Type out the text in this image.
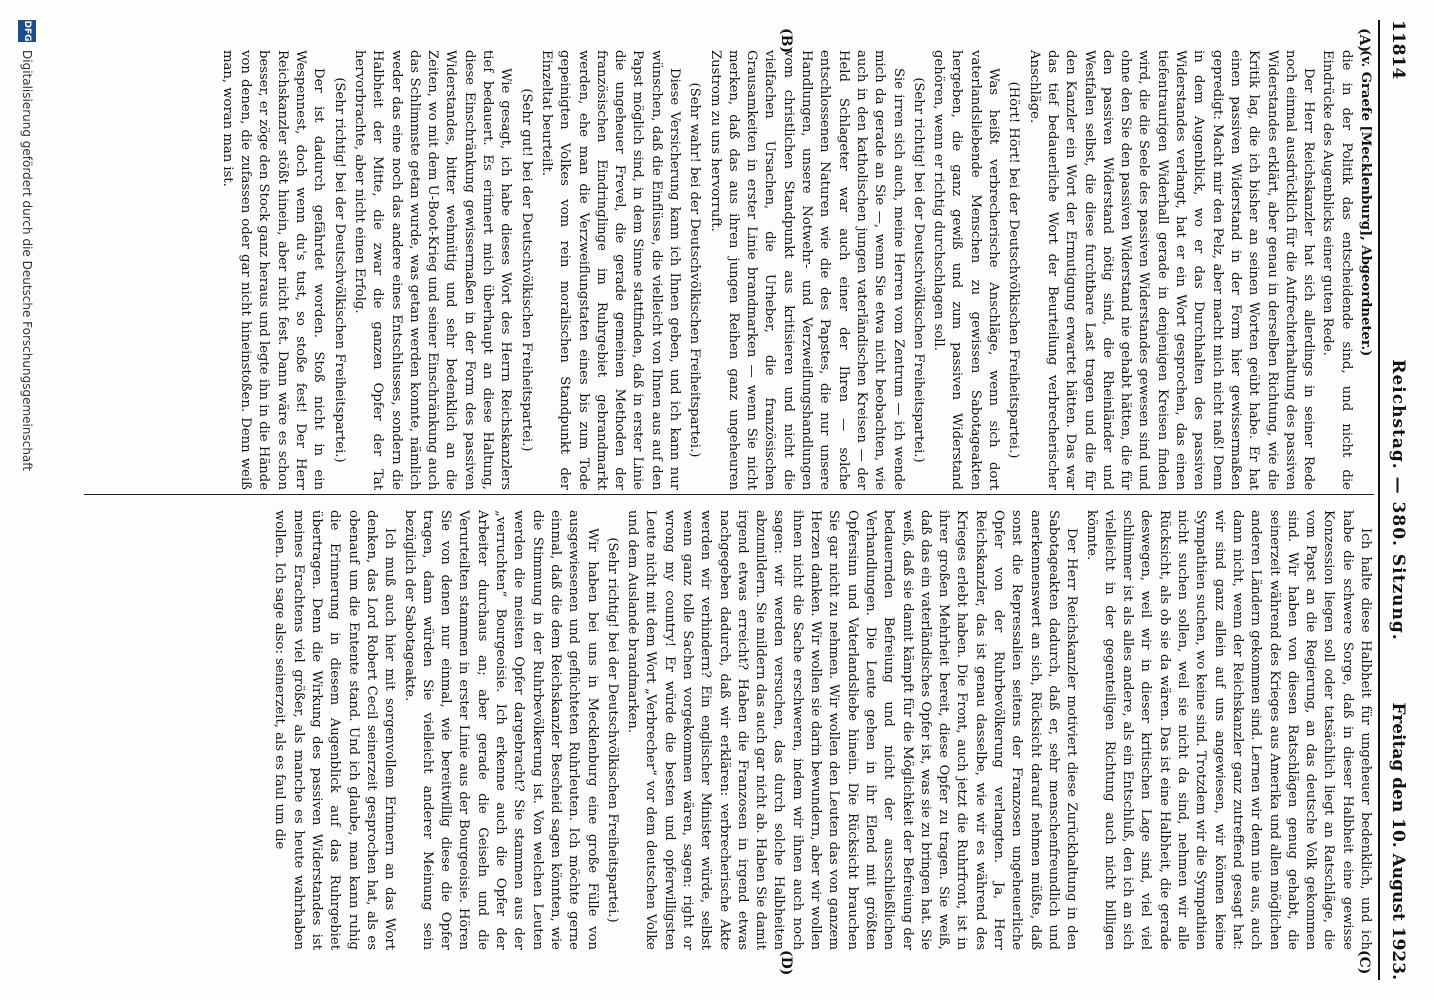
11814
Reichstag. — 380. Sitzung.
Freitag den 10. August 1923.
(A)
(B)
(C)
(D)

(v. Graefe [Mecklenburg], Abgeordneter.)

die in der Politik das entscheidende sind, und nicht die Eindrücke des Augenblicks einer guten Rede.

Der Herr Reichskanzler hat sich allerdings in seiner Rede noch einmal ausdrücklich für die Aufrechterhaltung des passiven Widerstandes erklärt, aber genau in derselben Richtung, wie die Kritik lag, die ich bisher an seinen Worten geübt habe. Er hat einen passiven Widerstand in der Form hier gewissermaßen gepredigt: Macht mir den Pelz, aber macht mich nicht naß! Denn in dem Augenblick, wo er das Durchhalten des passiven Widerstandes verlangt, hat er ein Wort gesprochen, das einen tiefentraurigen Widerhall gerade in denjenigen Kreisen finden wird, die die Seele des passiven Widerstandes gewesen sind und ohne den Sie den passiven Widerstand nie gehabt hätten, die für den passiven Widerstand nötig sind, die Rheinländer und Westfalen selbst, die diese furchtbare Last tragen und die für den Kanzler ein Wort der Ermutigung erwartet hätten. Das war das tief bedauerliche Wort der Beurteilung verbrecherischer Anschläge.

(Hört! Hört! bei der Deutschvölkischen Freiheitspartei.)

Was heißt verbrecherische Anschläge, wenn sich dort vaterlandsliebende Menschen zu gewissen Sabotageakten hergeben, die ganz gewiß und zum passiven Widerstand gehören, wenn er richtig durchschlagen soll.

(Sehr richtig! bei der Deutschvölkischen Freiheitspartei.)

Sie irren sich auch, meine Herren vom Zentrum — ich wende mich da gerade an Sie —, wenn Sie etwa nicht beobachten, wie auch in den katholischen jungen vaterländischen Kreisen — der Held Schlageter war auch einer der Ihren — solche entschlossenen Naturen wie die des Papstes, die nur unsere Handlungen, unsere Notwehr- und Verzweiflungshandlungen vom christlichen Standpunkt aus kritisieren und nicht die vielfachen Ursachen, die Urheber, die französischen Grausamkeiten in erster Linie brandmarken — wenn Sie nicht merken, daß das aus ihren jungen Reihen ganz ungeheuren Zustrom zu uns hervorruft.

(Sehr wahr! bei der Deutschvölkischen Freiheitspartei.)

Diese Versicherung kann ich Ihnen geben, und ich kann nur wünschen, daß die Einflüsse, die vielleicht von Ihnen aus auf den Papst möglich sind, in dem Sinne stattfinden, daß in erster Linie die ungeheuer Frevel, die gerade gemeinen Methoden der französischen Eindringlinge im Ruhrgebiet gebrandmarkt werden, ehe man die Verzweiflungstaten eines bis zum Tode gepeinigten Volkes vom rein moralischen Standpunkt der Einzeltat beurteilt.

(Sehr gut! bei der Deutschvölkischen Freiheitspartei.)

Wie gesagt, ich habe dieses Wort des Herrn Reichskanzlers tief bedauert. Es erinnert mich überhaupt an diese Haltung, diese Einschränkung gewissermaßen in der Form des passiven Widerstandes, bitter wehmütig und sehr bedenklich an die Zeiten, wo mit dem U-Boot-Krieg und seiner Einschränkung auch das Schlimmste getan wurde, was getan werden konnte, nämlich weder das eine noch das andere eines Entschlusses, sondern die Halbheit der Mitte, die zwar die ganzen Opfer der Tat hervorbrachte, aber nicht einen Erfolg.

(Sehr richtig! bei der Deutschvölkischen Freiheitspartei.)

Der ist dadurch gefährdet worden. Stoß nicht in ein Wespennest, doch wenn du's tust, so stoße fest! Der Herr Reichskanzler stößt hinein, aber nicht fest. Dann wäre es schon besser, er zöge den Stock ganz heraus und legte ihn in die Hände von denen, die zufassen oder gar nicht hineinstoßen. Denn weiß man, woran man ist.

Ich halte diese Halbheit für ungeheuer bedenklich, und ich habe die schwere Sorge, daß in dieser Halbheit eine gewisse Konzession liegen soll oder tatsächlich liegt an Ratschläge, die vom Papst an die Regierung, an das deutsche Volk gekommen sind. Wir haben von diesen Ratschlägen genug gehabt, die seinerzeit während des Krieges aus Amerika und allen möglichen anderen Ländern gekommen sind. Lernen wir denn nie aus, auch dann nicht, wenn der Reichskanzler ganz zutreffend gesagt hat: wir sind ganz allein auf uns angewiesen, wir können keine Sympathien suchen, wo keine sind. Trotzdem wir die Sympathien nicht suchen sollen, weil sie nicht da sind, nehmen wir alle Rücksicht, als ob sie da wären. Das ist eine Halbheit, die gerade deswegen, weil wir in dieser kritischen Lage sind, viel viel schlimmer ist als alles andere, als ein Entschluß, den ich an sich vielleicht in der gegenteiligen Richtung auch nicht billigen könnte.

Der Herr Reichskanzler motiviert diese Zurückhaltung in den Sabotageakten dadurch, daß er, sehr menschenfreundlich und anerkennenswert an sich, Rücksicht darauf nehmen müßte, daß sonst die Repressalien seitens der Franzosen ungeheuerliche Opfer von der Ruhrbevölkerung verlangten. Ja, Herr Reichskanzler, das ist genau dasselbe, wie wir es während des Krieges erlebt haben. Die Front, auch jetzt die Ruhrfront, ist in ihrer großen Mehrheit bereit, diese Opfer zu tragen. Sie weiß, daß das ein vaterländisches Opfer ist, was sie zu bringen hat. Sie weiß, daß sie damit kämpft für die Möglichkeit der Befreiung der bedauernden Befreiung und nicht der ausschließlichen Verhandlungen. Die Leute gehen in ihr Elend mit größten Opfersinn und Vaterlandsliebe hinein. Die Rücksicht brauchen Sie gar nicht zu nehmen. Wir wollen den Leuten das von ganzem Herzen danken. Wir wollen sie darin bewundern, aber wir wollen ihnen nicht die Sache erschweren, indem wir ihnen auch noch sagen: wir werden versuchen, das durch solche Halbheiten abzumildern. Sie mildern das auch gar nicht ab. Haben Sie damit irgend etwas erreicht? Haben die Franzosen in irgend etwas nachgegeben dadurch, daß wir erklären: verbrecherische Akte werden wir verhindern? Ein englischer Minister würde, selbst wenn ganz tolle Sachen vorgekommen wären, sagen: right or wrong my country! Er würde die besten und opferwilligsten Leute nicht mit dem Wort „Verbrecher“ vor dem deutschen Volke und dem Auslande brandmarken.

(Sehr richtig! bei der Deutschvölkischen Freiheitspartei.)

Wir haben bei uns in Mecklenburg eine große Fülle von ausgewiesenen und geflüchteten Ruhrleuten. Ich möchte gerne einmal, daß die dem Reichskanzler Bescheid sagen könnten, wie die Stimmung in der Ruhrbevölkerung ist. Von welchen Leuten werden die meisten Opfer dargebracht? Sie stammen aus der „verruchten“ Bourgeoisie. Ich erkenne auch die Opfer der Arbeiter durchaus an; aber gerade die Geiseln und die Verurteilten stammen in erster Linie aus der Bourgeoisie. Hören Sie von denen nur einmal, wie bereitwillig diese die Opfer tragen, dann würden Sie vielleicht anderer Meinung sein bezüglich der Sabotageakte.

Ich muß auch hier mit sorgenvollem Erinnern an das Wort denken, das Lord Robert Cecil seinerzeit gesprochen hat, als es obenauf um die Entente stand. Und ich glaube, man kann ruhig die Erinnerung in diesem Augenblick auf das Ruhrgebiet übertragen. Denn die Wirkung des passiven Widerstandes ist meines Erachtens viel größer, als manche es heute wahrhaben wollen. Ich sage also: seinerzeit, als es faul um die

DFG
Digitalisierung gefördert durch die Deutsche Forschungsgemeinschaft
